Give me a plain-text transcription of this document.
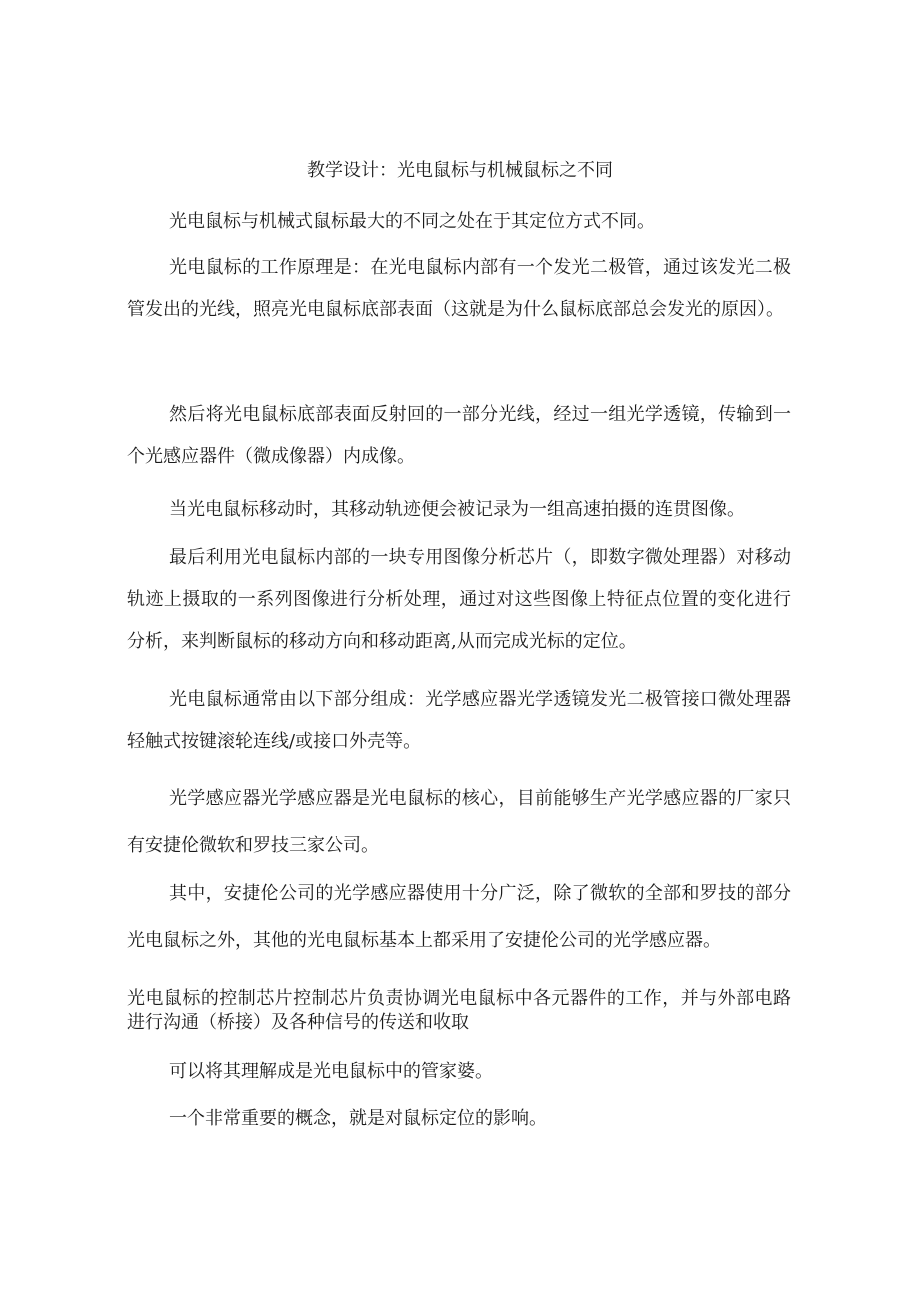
教学设计：光电鼠标与机械鼠标之不同

光电鼠标与机械式鼠标最大的不同之处在于其定位方式不同。

光电鼠标的工作原理是：在光电鼠标内部有一个发光二极管，通过该发光二极管发出的光线，照亮光电鼠标底部表面（这就是为什么鼠标底部总会发光的原因）。

然后将光电鼠标底部表面反射回的一部分光线，经过一组光学透镜，传输到一个光感应器件（微成像器）内成像。

当光电鼠标移动时，其移动轨迹便会被记录为一组高速拍摄的连贯图像。

最后利用光电鼠标内部的一块专用图像分析芯片（，即数字微处理器）对移动轨迹上摄取的一系列图像进行分析处理，通过对这些图像上特征点位置的变化进行分析，来判断鼠标的移动方向和移动距离,从而完成光标的定位。

光电鼠标通常由以下部分组成：光学感应器光学透镜发光二极管接口微处理器轻触式按键滚轮连线/或接口外壳等。

光学感应器光学感应器是光电鼠标的核心，目前能够生产光学感应器的厂家只有安捷伦微软和罗技三家公司。

其中，安捷伦公司的光学感应器使用十分广泛，除了微软的全部和罗技的部分光电鼠标之外，其他的光电鼠标基本上都采用了安捷伦公司的光学感应器。

光电鼠标的控制芯片控制芯片负责协调光电鼠标中各元器件的工作，并与外部电路进行沟通（桥接）及各种信号的传送和收取

可以将其理解成是光电鼠标中的管家婆。

一个非常重要的概念，就是对鼠标定位的影响。
